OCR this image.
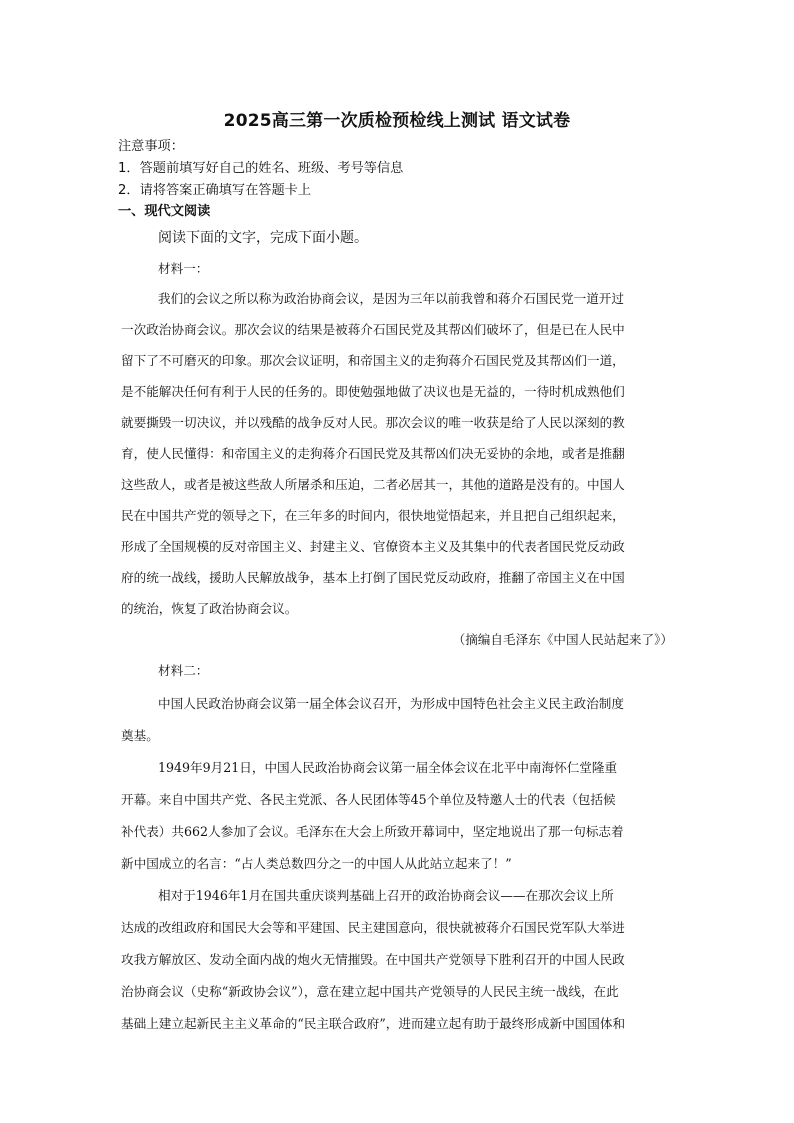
2025高三第一次质检预检线上测试 语文试卷
注意事项：
1．答题前填写好自己的姓名、班级、考号等信息
2．请将答案正确填写在答题卡上
一、现代文阅读
阅读下面的文字，完成下面小题。
材料一：
我们的会议之所以称为政治协商会议，是因为三年以前我曾和蒋介石国民党一道开过
一次政治协商会议。那次会议的结果是被蒋介石国民党及其帮凶们破坏了，但是已在人民中
留下了不可磨灭的印象。那次会议证明，和帝国主义的走狗蒋介石国民党及其帮凶们一道，
是不能解决任何有利于人民的任务的。即使勉强地做了决议也是无益的，一待时机成熟他们
就要撕毁一切决议，并以残酷的战争反对人民。那次会议的唯一收获是给了人民以深刻的教
育，使人民懂得：和帝国主义的走狗蒋介石国民党及其帮凶们决无妥协的余地，或者是推翻
这些敌人，或者是被这些敌人所屠杀和压迫，二者必居其一，其他的道路是没有的。中国人
民在中国共产党的领导之下，在三年多的时间内，很快地觉悟起来，并且把自己组织起来，
形成了全国规模的反对帝国主义、封建主义、官僚资本主义及其集中的代表者国民党反动政
府的统一战线，援助人民解放战争，基本上打倒了国民党反动政府，推翻了帝国主义在中国
的统治，恢复了政治协商会议。
（摘编自毛泽东《中国人民站起来了》）
材料二：
中国人民政治协商会议第一届全体会议召开，为形成中国特色社会主义民主政治制度
奠基。
1949年9月21日，中国人民政治协商会议第一届全体会议在北平中南海怀仁堂隆重
开幕。来自中国共产党、各民主党派、各人民团体等45个单位及特邀人士的代表（包括候
补代表）共662人参加了会议。毛泽东在大会上所致开幕词中，坚定地说出了那一句标志着
新中国成立的名言：“占人类总数四分之一的中国人从此站立起来了！”
相对于1946年1月在国共重庆谈判基础上召开的政治协商会议——在那次会议上所
达成的改组政府和国民大会等和平建国、民主建国意向，很快就被蒋介石国民党军队大举进
攻我方解放区、发动全面内战的炮火无情摧毁。在中国共产党领导下胜利召开的中国人民政
治协商会议（史称“新政协会议”），意在建立起中国共产党领导的人民民主统一战线，在此
基础上建立起新民主主义革命的“民主联合政府”，进而建立起有助于最终形成新中国国体和
